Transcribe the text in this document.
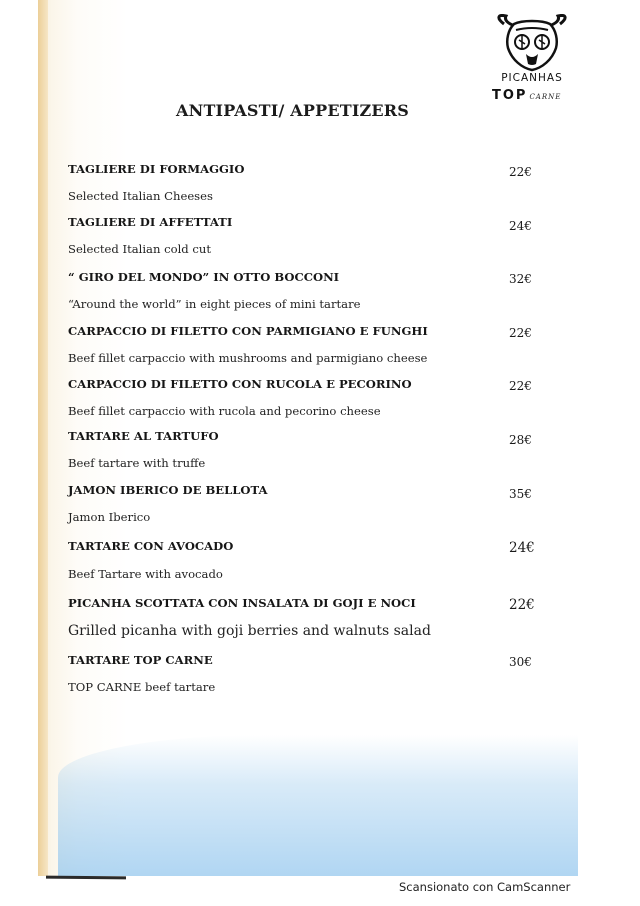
PICANHAS
TOP CARNE
ANTIPASTI/ APPETIZERS
TAGLIERE DI FORMAGGIO
Selected Italian Cheeses
22€
TAGLIERE DI AFFETTATI
Selected Italian cold cut
24€
“ GIRO DEL MONDO” IN OTTO BOCCONI
“Around the world” in eight pieces of mini tartare
32€
CARPACCIO DI FILETTO CON PARMIGIANO E FUNGHI
Beef fillet carpaccio with mushrooms and parmigiano cheese
22€
CARPACCIO DI FILETTO CON RUCOLA E PECORINO
Beef fillet carpaccio with rucola and pecorino cheese
22€
TARTARE AL TARTUFO
Beef tartare with truffe
28€
JAMON IBERICO DE BELLOTA
Jamon Iberico
35€
TARTARE CON AVOCADO
Beef Tartare with avocado
24€
PICANHA SCOTTATA CON INSALATA DI GOJI E NOCI
Grilled picanha with goji berries and walnuts salad
22€
TARTARE TOP CARNE
TOP CARNE beef tartare
30€
Scansionato con CamScanner
